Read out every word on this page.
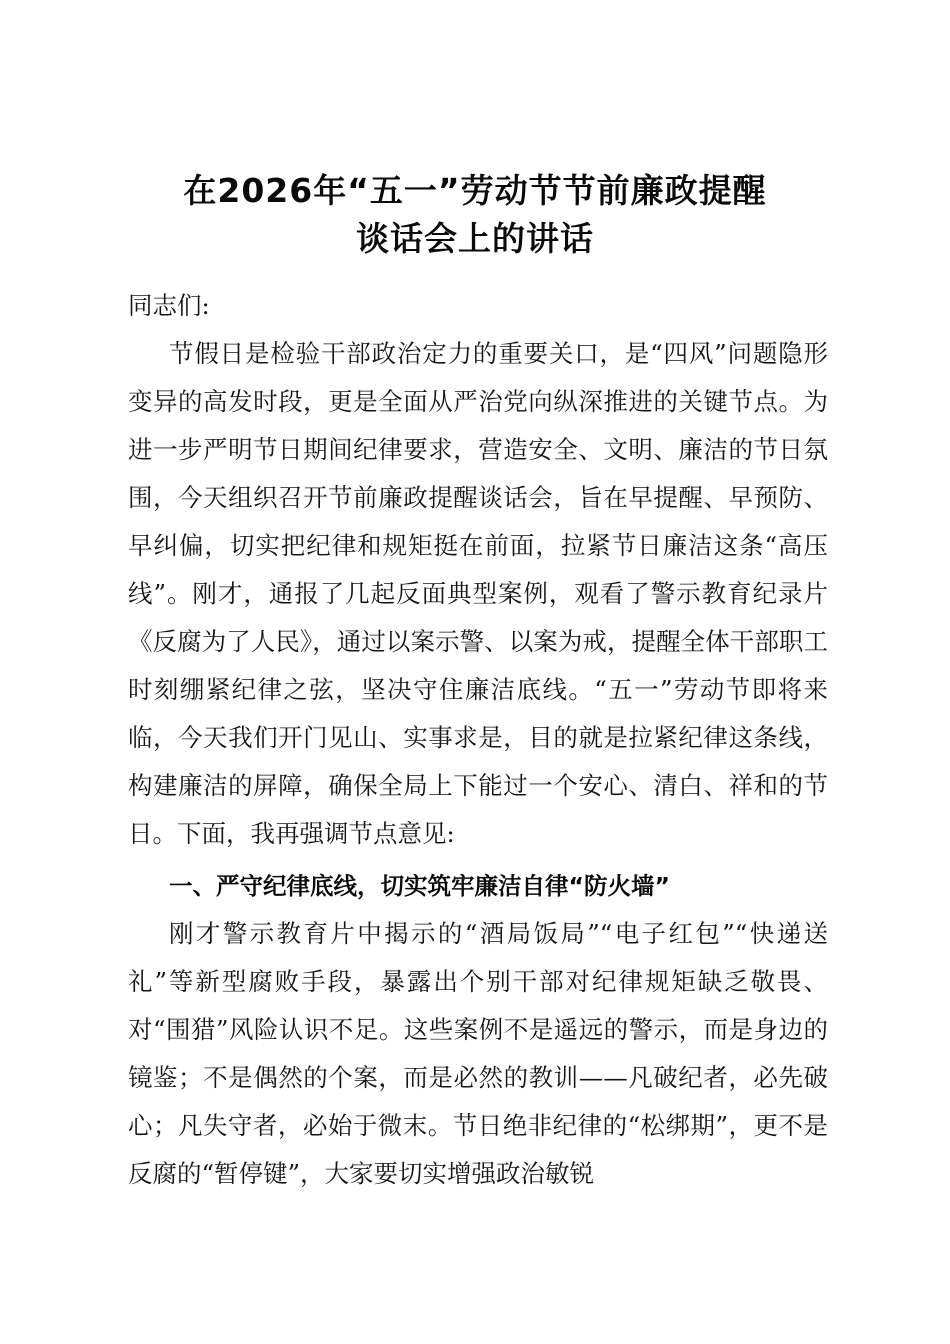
在2026年“五一”劳动节节前廉政提醒
谈话会上的讲话
同志们:
节假日是检验干部政治定力的重要关口，是“四风”问题隐形变异的高发时段，更是全面从严治党向纵深推进的关键节点。为进一步严明节日期间纪律要求，营造安全、文明、廉洁的节日氛围，今天组织召开节前廉政提醒谈话会，旨在早提醒、早预防、早纠偏，切实把纪律和规矩挺在前面，拉紧节日廉洁这条“高压线”。刚才，通报了几起反面典型案例，观看了警示教育纪录片《反腐为了人民》，通过以案示警、以案为戒，提醒全体干部职工时刻绷紧纪律之弦，坚决守住廉洁底线。“五一”劳动节即将来临，今天我们开门见山、实事求是，目的就是拉紧纪律这条线，构建廉洁的屏障，确保全局上下能过一个安心、清白、祥和的节日。下面，我再强调节点意见:
一、严守纪律底线，切实筑牢廉洁自律“防火墙”
刚才警示教育片中揭示的“酒局饭局”“电子红包”“快递送礼”等新型腐败手段，暴露出个别干部对纪律规矩缺乏敬畏、对“围猎”风险认识不足。这些案例不是遥远的警示，而是身边的镜鉴；不是偶然的个案，而是必然的教训——凡破纪者，必先破心；凡失守者，必始于微末。节日绝非纪律的“松绑期”，更不是反腐的“暂停键”，大家要切实增强政治敏锐
